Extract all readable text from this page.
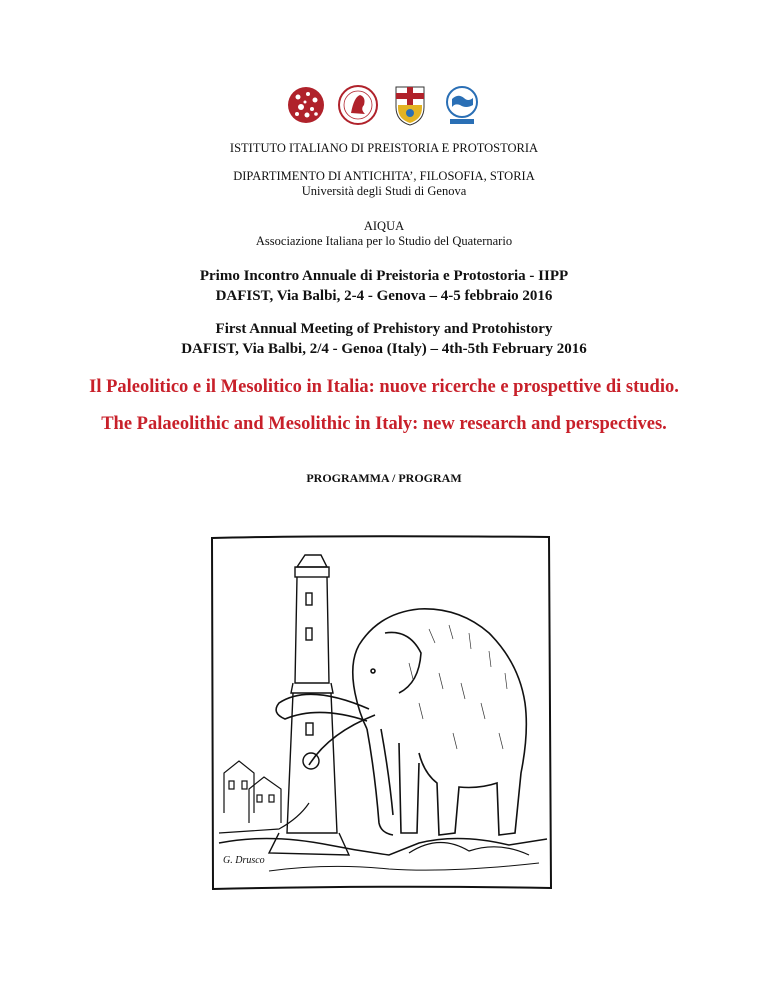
ISTITUTO ITALIANO DI PREISTORIA E PROTOSTORIA
DIPARTIMENTO DI ANTICHITA’, FILOSOFIA, STORIA
Università degli Studi di Genova
AIQUA
Associazione Italiana per lo Studio del Quaternario
Primo Incontro Annuale di Preistoria e Protostoria - IIPP
DAFIST, Via Balbi, 2-4 - Genova – 4-5 febbraio 2016
First Annual Meeting of Prehistory and Protohistory
DAFIST, Via Balbi, 2/4 - Genoa (Italy) – 4th-5th February 2016
Il Paleolitico e il Mesolitico in Italia: nuove ricerche e prospettive di studio.
The Palaeolithic and Mesolithic in Italy: new research and perspectives.
PROGRAMMA / PROGRAM
G. Drusco
